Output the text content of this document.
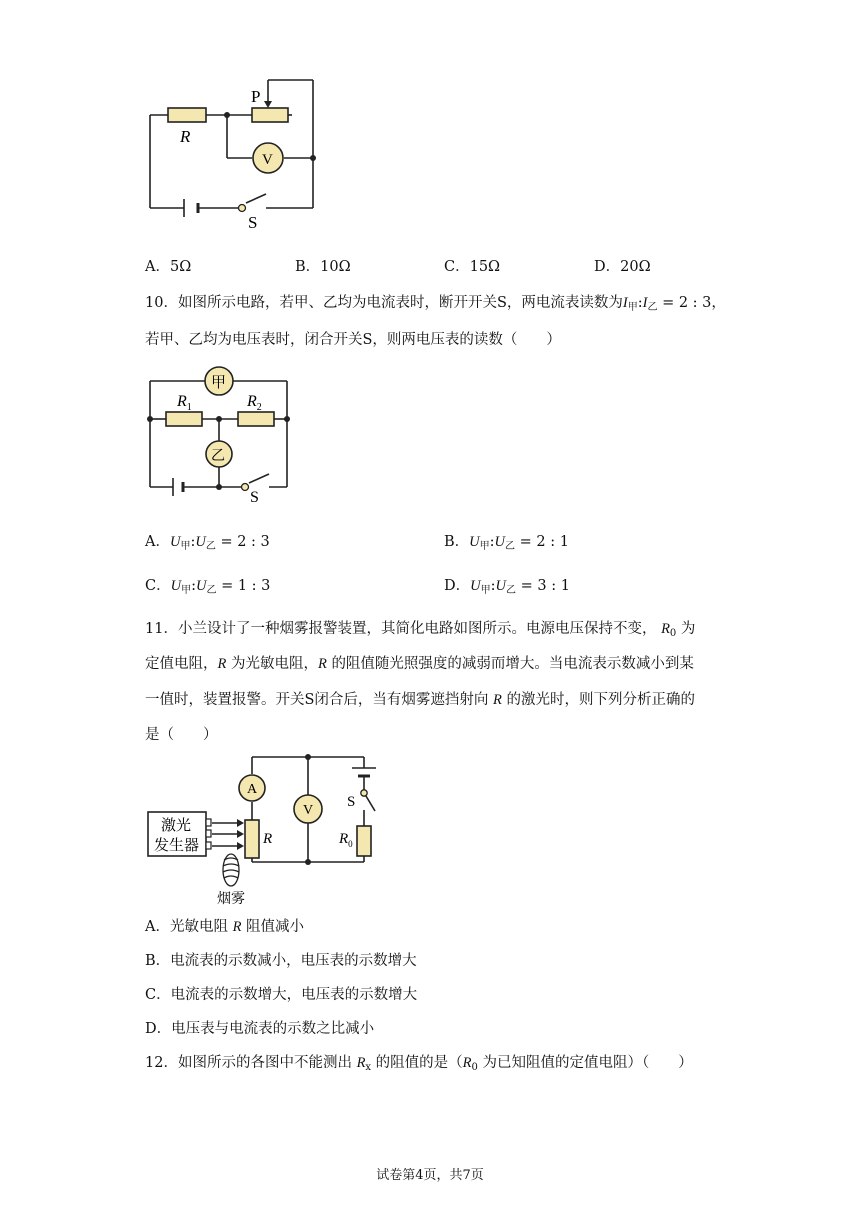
R
P
V
S
A．5Ω	B．10Ω	C．15Ω	D．20Ω
10．如图所示电路，若甲、乙均为电流表时，断开开关S，两电流表读数为$I_甲:I_乙 = 2$ : 3，
若甲、乙均为电压表时，闭合开关S，则两电压表的读数（　　）
甲
乙
$R_1$	$R_2$
S
A．$U_甲:U_乙 = 2$ : 3	B．$U_甲:U_乙 = 2$ : 1
C．$U_甲:U_乙 = 1$ : 3	D．$U_甲:U_乙 = 3$ : 1
11．小兰设计了一种烟雾报警装置，其简化电路如图所示。电源电压保持不变， $R_0$ 为
定值电阻，R 为光敏电阻，R 的阻值随光照强度的减弱而增大。当电流表示数减小到某
一值时，装置报警。开关S闭合后，当有烟雾遮挡射向 R 的激光时，则下列分析正确的
是（　　）
A
V
S
R	$R_0$
激光
发生器
烟雾
A．光敏电阻 R 阻值减小
B．电流表的示数减小，电压表的示数增大
C．电流表的示数增大，电压表的示数增大
D．电压表与电流表的示数之比减小
12．如图所示的各图中不能测出 $R_x$ 的阻值的是（$R_0$ 为已知阻值的定值电阻）（　　）
试卷第4页，共7页
